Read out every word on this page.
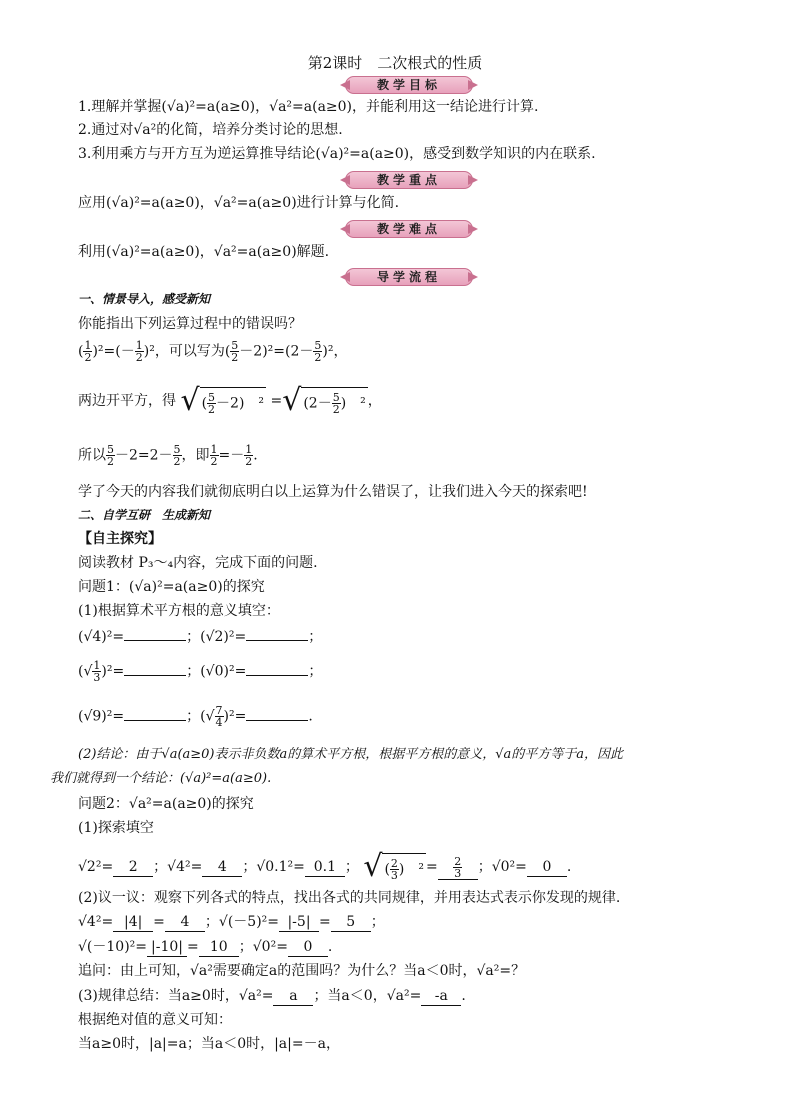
第2课时　二次根式的性质
教学目标
1.理解并掌握(√a)²=a(a≥0)，√a²=a(a≥0)，并能利用这一结论进行计算.
2.通过对√a²的化简，培养分类讨论的思想.
3.利用乘方与开方互为逆运算推导结论(√a)²=a(a≥0)，感受到数学知识的内在联系.
教学重点
应用(√a)²=a(a≥0)，√a²=a(a≥0)进行计算与化简.
教学难点
利用(√a)²=a(a≥0)，√a²=a(a≥0)解题.
导学流程
一、情景导入，感受新知
你能指出下列运算过程中的错误吗？
( $\frac{1}{2} )^2=(- \frac{1}{2} )^2$，可以写为( $\frac{5}{2} -2)^2=(2- \frac{5}{2} )^2$，
两边开平方，得 √ ( $\frac{5}{2} -2$)　² =√ ($2- \frac{5}{2}$ )　² ，
所以 $\frac{5}{2} -2=2- \frac{5}{2}$ ，即 $\frac{1}{2} =- \frac{1}{2}$ .
学了今天的内容我们就彻底明白以上运算为什么错误了，让我们进入今天的探索吧!
二、自学互研　生成新知
【自主探究】
阅读教材 P₃～₄内容，完成下面的问题.
问题1：(√a)²=a(a≥0)的探究
(1)根据算术平方根的意义填空：
(√4)²=	；(√2)²=	；
(√ $\frac{1}{3} )^2=$	；(√0)²=	；
(√9)²=	；(√ $\frac{7}{4} )^2=$	.
(2)结论：由于√a(a≥0)表示非负数a的算术平方根，根据平方根的意义，√a的平方等于a，因此
我们就得到一个结论：(√a)²=a(a≥0).
问题2：√a²=a(a≥0)的探究
(1)探索填空
√2²= 2 ；√4²= 4 ；√0.1²= 0.1 ； √ ( $\frac{2}{3}$ )　$^2 = \frac{2}{3}$ ；√0²= 0 .
(2)议一议：观察下列各式的特点，找出各式的共同规律，并用表达式表示你发现的规律.
√4²= |4| = 4 ；√(－5)²= |-5| = 5 ；
√(－10)²= |-10| = 10 ；√0²= 0 .
追问：由上可知，√a²需要确定a的范围吗？为什么？当a＜0时，√a²=？
(3)规律总结：当a≥0时，√a²= a ；当a＜0，√a²= -a .
根据绝对值的意义可知：
当a≥0时，|a|=a；当a＜0时，|a|=－a，
